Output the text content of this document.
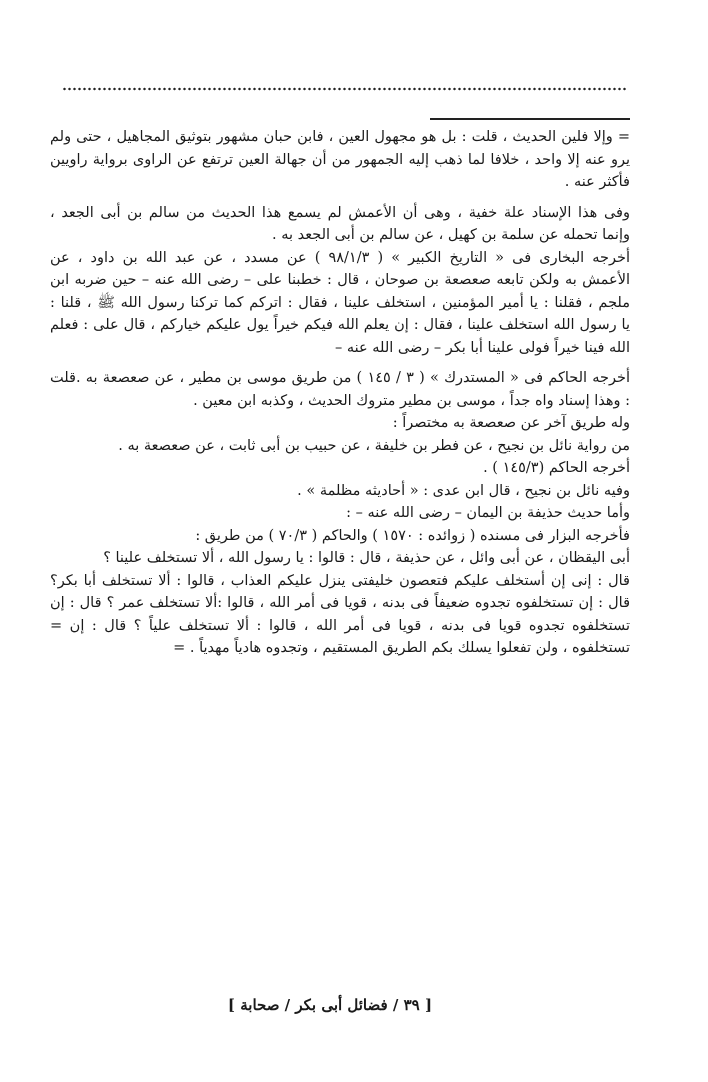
= وإلا فلين الحديث ، قلت : بل هو مجهول العين ، فابن حبان مشهور بتوثيق المجاهيل ، حتى ولم
يرو عنه إلا واحد ، خلافا لما ذهب إليه الجمهور من أن جهالة العين ترتفع عن الراوى برواية راويين
فأكثر عنه .
وفى هذا الإسناد علة خفية ، وهى أن الأعمش لم يسمع هذا الحديث من سالم بن أبى الجعد ،
وإنما تحمله عن سلمة بن كهيل ، عن سالم بن أبى الجعد به .
أخرجه البخارى فى « التاريخ الكبير » ( ٩٨/١/٣ ) عن مسدد ، عن عبد الله بن داود ، عن
الأعمش به ولكن تابعه صعصعة بن صوحان ، قال : خطبنا على – رضى الله عنه – حين ضربه ابن
ملجم ، فقلنا : يا أمير المؤمنين ، استخلف علينا ، فقال : اتركم كما تركنا رسول الله ﷺ ، قلنا :
يا رسول الله استخلف علينا ، فقال : إن يعلم الله فيكم خيراً يول عليكم خياركم ، قال على : فعلم
الله فينا خيراً فولى علينا أبا بكر – رضى الله عنه –
أخرجه الحاكم فى « المستدرك » ( ٣ / ١٤٥ ) من طريق موسى بن مطير ، عن صعصعة به .قلت
: وهذا إسناد واه جداً ، موسى بن مطير متروك الحديث ، وكذبه ابن معين .
وله طريق آخر عن صعصعة به مختصراً :
من رواية نائل بن نجيح ، عن فطر بن خليفة ، عن حبيب بن أبى ثابت ، عن صعصعة به .
أخرجه الحاكم (١٤٥/٣ ) .
وفيه نائل بن نجيح ، قال ابن عدى : « أحاديثه مظلمة » .
وأما حديث حذيفة بن اليمان – رضى الله عنه – :
فأخرجه البزار فى مسنده ( زوائده : ١٥٧٠ ) والحاكم ( ٧٠/٣ ) من طريق :
أبى اليقظان ، عن أبى وائل ، عن حذيفة ، قال : قالوا : يا رسول الله ، ألا تستخلف علينا ؟
قال : إنى إن أستخلف عليكم فتعصون خليفتى ينزل عليكم العذاب ، قالوا : ألا تستخلف أبا بكر؟
قال : إن تستخلفوه تجدوه ضعيفاً فى بدنه ، قويا فى أمر الله ، قالوا :ألا تستخلف عمر ؟ قال : إن
تستخلفوه تجدوه قويا فى بدنه ، قويا فى أمر الله ، قالوا : ألا تستخلف علياً ؟ قال : إن =
تستخلفوه ، ولن تفعلوا يسلك بكم الطريق المستقيم ، وتجدوه هادياً مهدياً . =
[ ٣٩ / فضائل أبى بكر / صحابة ]
